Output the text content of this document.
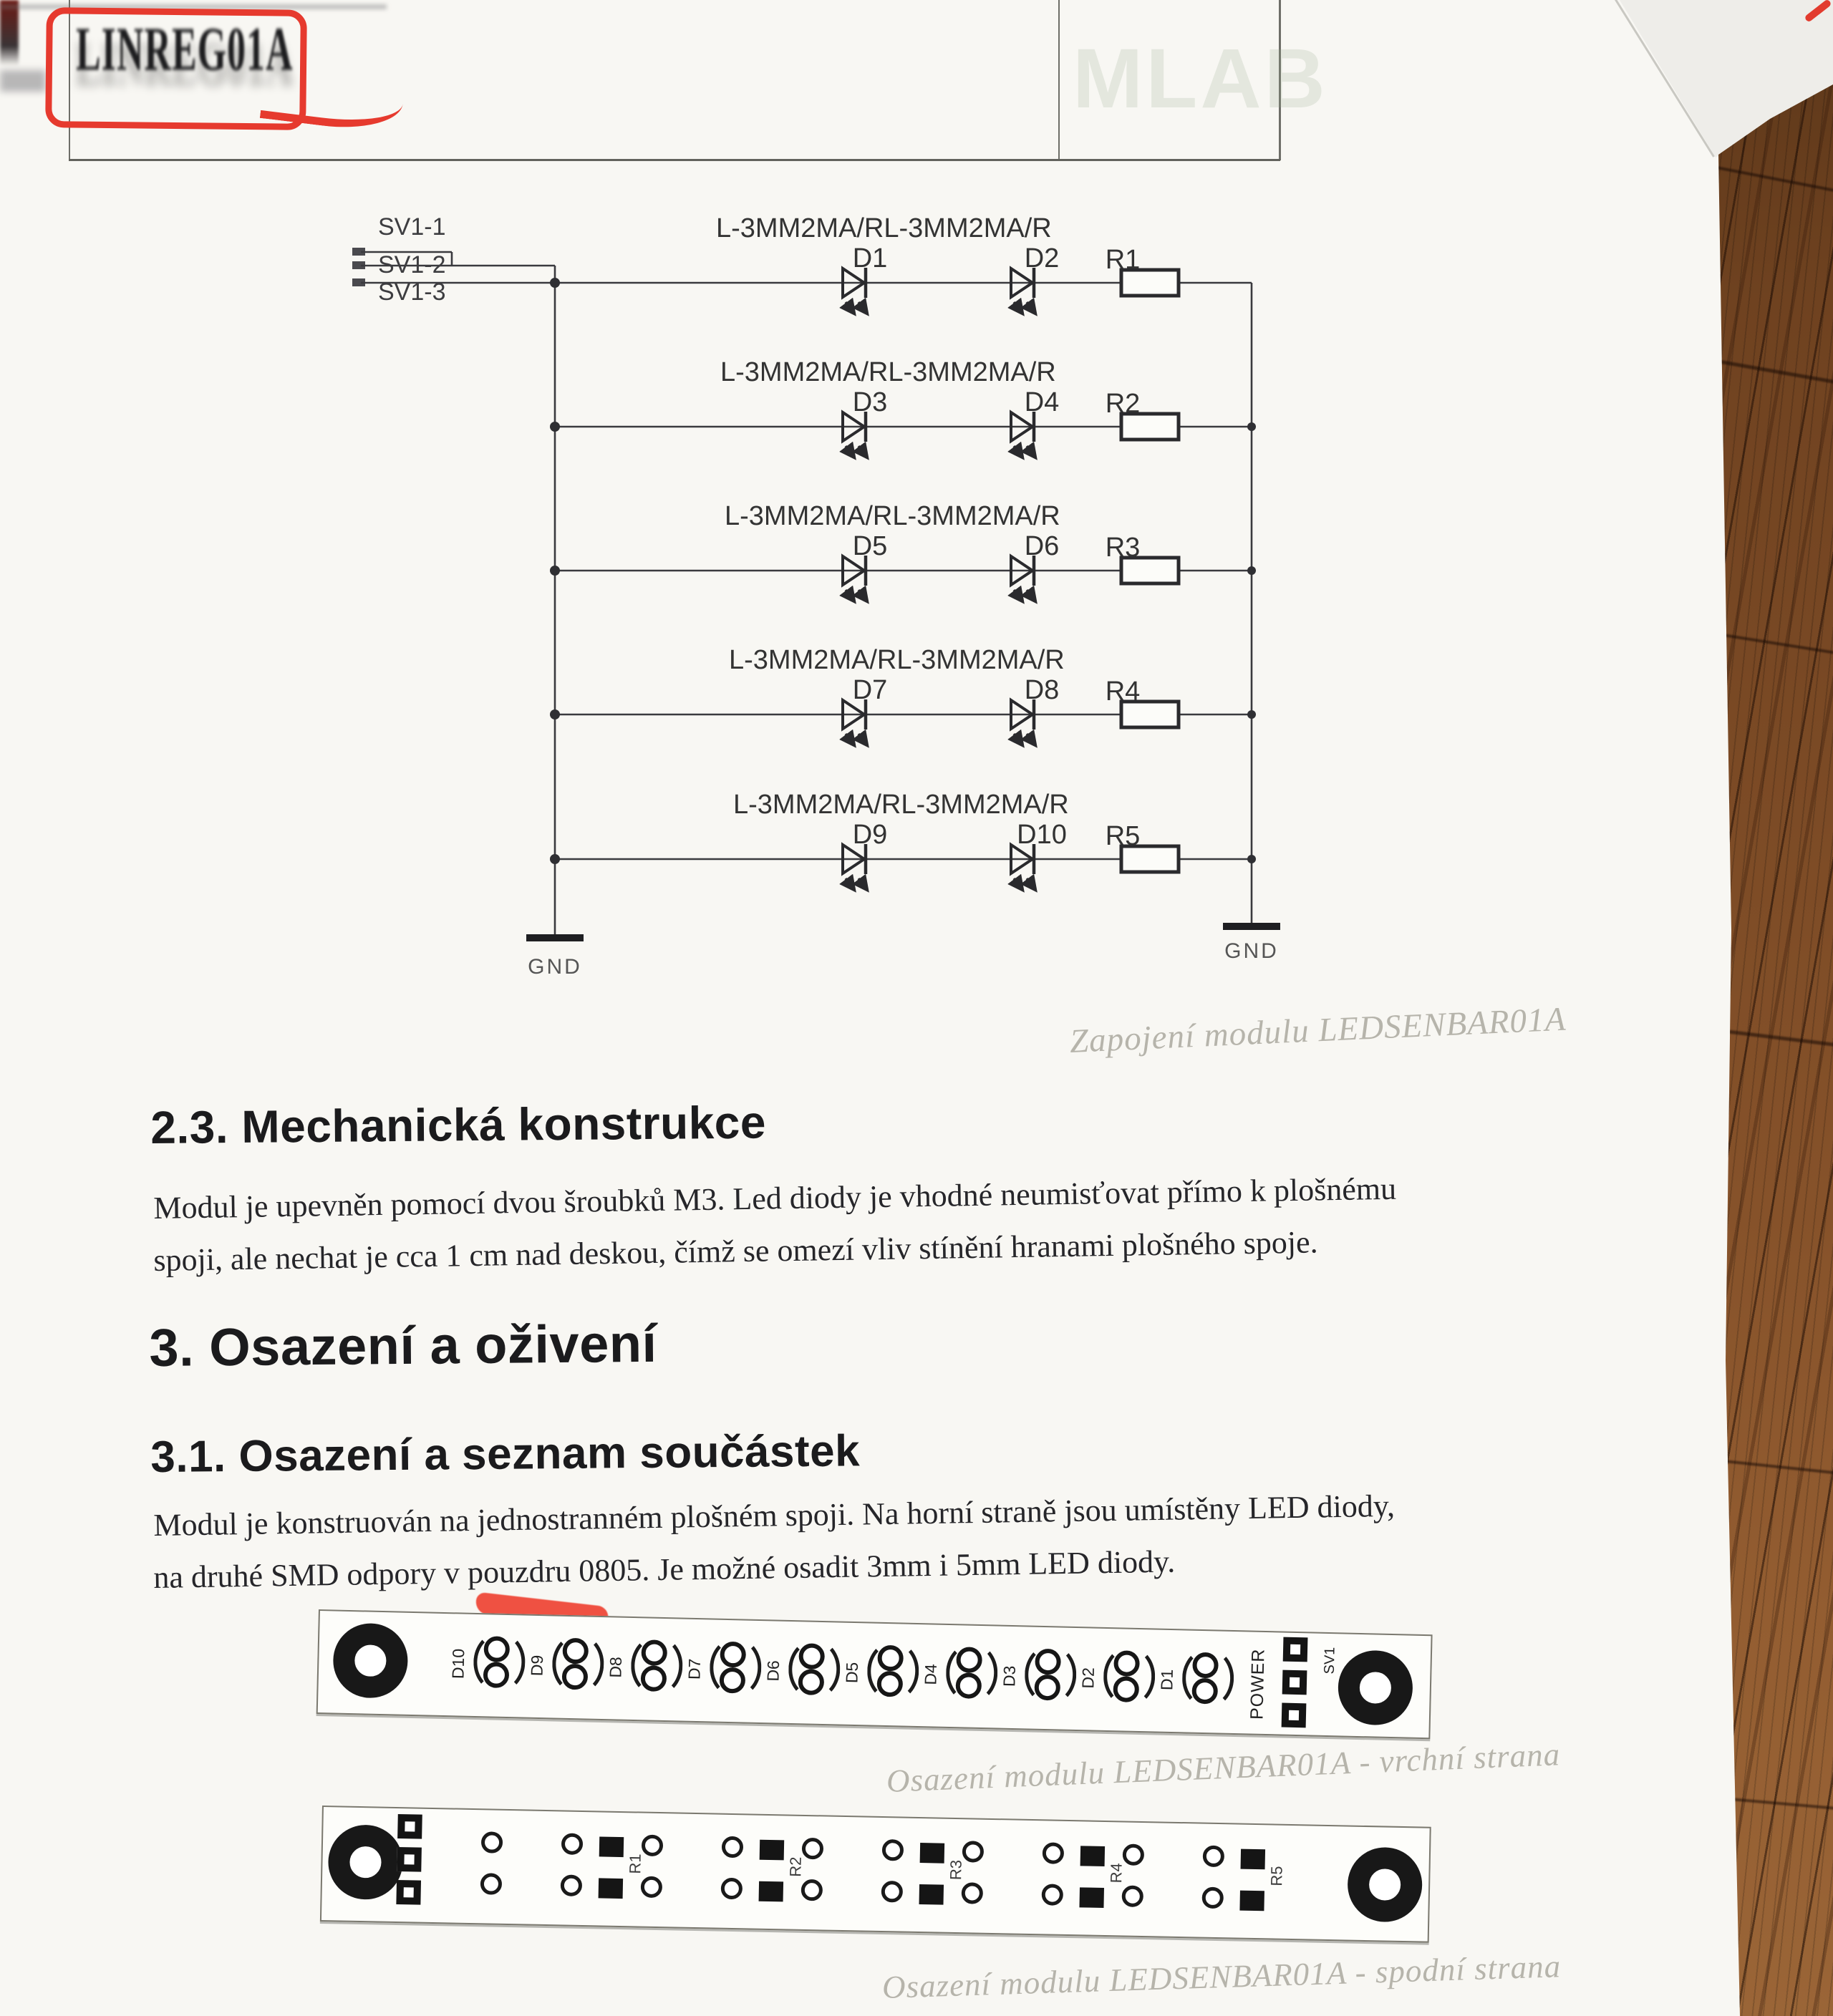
MLAB
LINREG01A
SV1-1
SV1-2
SV1-3
GND
GND
L-3MM2MA/RL-3MM2MA/R
D1	D2	R1
L-3MM2MA/RL-3MM2MA/R
D3	D4	R2
L-3MM2MA/RL-3MM2MA/R
D5	D6	R3
L-3MM2MA/RL-3MM2MA/R
D7	D8	R4
L-3MM2MA/RL-3MM2MA/R
D9	D10	R5
Zapojení modulu LEDSENBAR01A
2.3. Mechanická konstrukce
Modul je upevněn pomocí dvou šroubků M3. Led diody je vhodné neumisťovat přímo k plošnému
spoji, ale nechat je cca 1 cm nad deskou, čímž se omezí vliv stínění hranami plošného spoje.
3. Osazení a oživení
3.1. Osazení a seznam součástek
Modul je konstruován na jednostranném plošném spoji. Na horní straně jsou umístěny LED diody,
na druhé SMD odpory v pouzdru 0805. Je možné osadit 3mm i 5mm LED diody.
POWER	SV1
D10	D9	D8	D7	D6	D5	D4	D3	D2	D1
Osazení modulu LEDSENBAR01A - vrchní strana
R1	R2	R3	R4	R5
Osazení modulu LEDSENBAR01A - spodní strana
